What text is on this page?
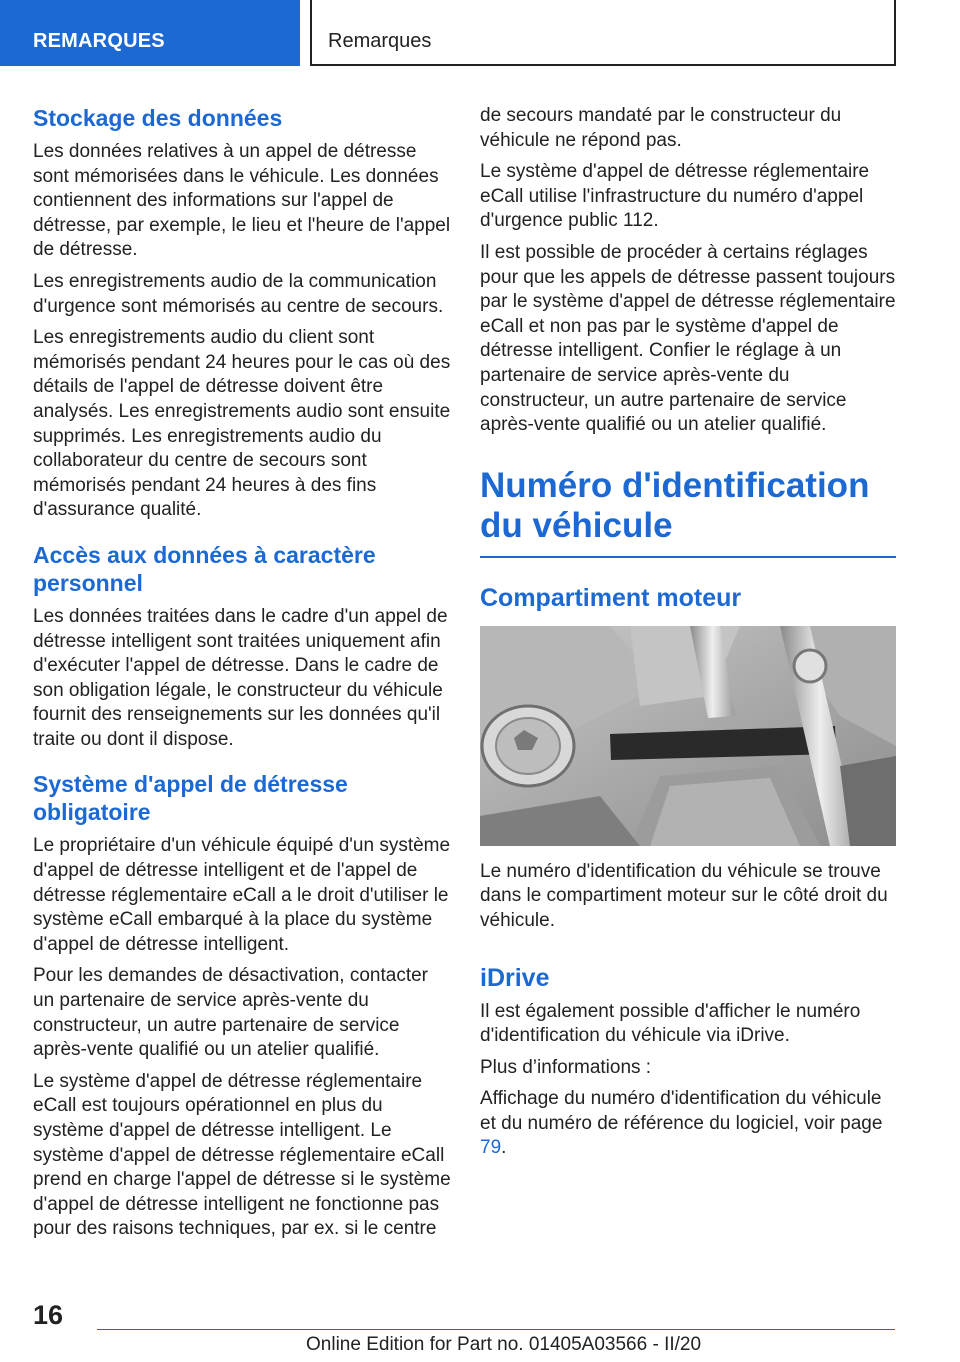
REMARQUES	Remarques
Stockage des données

Les données relatives à un appel de détresse sont mémorisées dans le véhicule. Les données contiennent des informations sur l'appel de détresse, par exemple, le lieu et l'heure de l'appel de détresse.

Les enregistrements audio de la communication d'urgence sont mémorisés au centre de secours.

Les enregistrements audio du client sont mémorisés pendant 24 heures pour le cas où des détails de l'appel de détresse doivent être analysés. Les enregistrements audio sont ensuite supprimés. Les enregistrements audio du collaborateur du centre de secours sont mémorisés pendant 24 heures à des fins d'assurance qualité.

Accès aux données à caractère personnel

Les données traitées dans le cadre d'un appel de détresse intelligent sont traitées uniquement afin d'exécuter l'appel de détresse. Dans le cadre de son obligation légale, le constructeur du véhicule fournit des renseignements sur les données qu'il traite ou dont il dispose.

Système d'appel de détresse obligatoire

Le propriétaire d'un véhicule équipé d'un système d'appel de détresse intelligent et de l'appel de détresse réglementaire eCall a le droit d'utiliser le système eCall embarqué à la place du système d'appel de détresse intelligent.

Pour les demandes de désactivation, contacter un partenaire de service après-vente du constructeur, un autre partenaire de service après-vente qualifié ou un atelier qualifié.

Le système d'appel de détresse réglementaire eCall est toujours opérationnel en plus du système d'appel de détresse intelligent. Le système d'appel de détresse réglementaire eCall prend en charge l'appel de détresse si le système d'appel de détresse intelligent ne fonctionne pas pour des raisons techniques, par ex. si le centre

de secours mandaté par le constructeur du véhicule ne répond pas.

Le système d'appel de détresse réglementaire eCall utilise l'infrastructure du numéro d'appel d'urgence public 112.

Il est possible de procéder à certains réglages pour que les appels de détresse passent toujours par le système d'appel de détresse réglementaire eCall et non pas par le système d'appel de détresse intelligent. Confier le réglage à un partenaire de service après-vente du constructeur, un autre partenaire de service après-vente qualifié ou un atelier qualifié.

Numéro d'identification du véhicule
Compartiment moteur

Le numéro d'identification du véhicule se trouve dans le compartiment moteur sur le côté droit du véhicule.

iDrive

Il est également possible d'afficher le numéro d'identification du véhicule via iDrive.

Plus d’informations :

Affichage du numéro d'identification du véhicule et du numéro de référence du logiciel, voir page 79.

16
Online Edition for Part no. 01405A03566 - II/20
